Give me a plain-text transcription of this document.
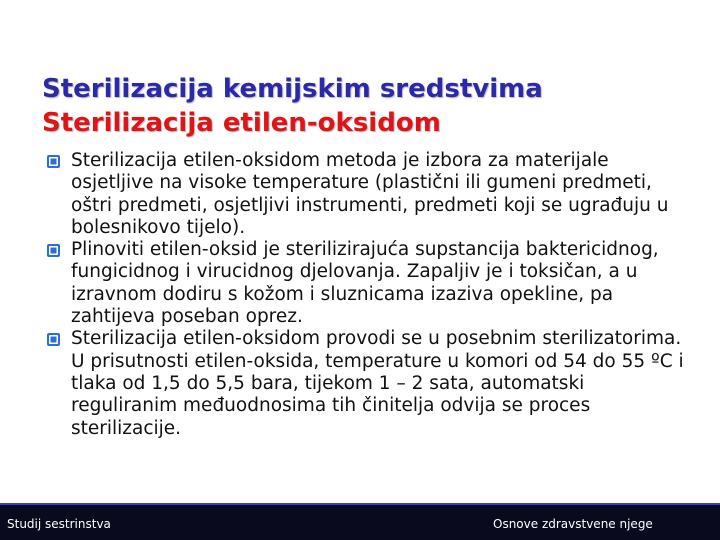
Sterilizacija kemijskim sredstvima
Sterilizacija etilen-oksidom
Sterilizacija etilen-oksidom metoda je izbora za materijale osjetljive na visoke temperature (plastični ili gumeni predmeti, oštri predmeti, osjetljivi instrumenti, predmeti koji se ugrađuju u bolesnikovo tijelo).
Plinoviti etilen-oksid je sterilizirajuća supstancija baktericidnog, fungicidnog i virucidnog djelovanja. Zapaljiv je i toksičan, a u izravnom dodiru s kožom i sluznicama izaziva opekline, pa zahtijeva poseban oprez.
Sterilizacija etilen-oksidom provodi se u posebnim sterilizatorima. U prisutnosti etilen-oksida, temperature u komori od 54 do 55 ºC i tlaka od 1,5 do 5,5 bara, tijekom 1 – 2 sata, automatski reguliranim međuodnosima tih činitelja odvija se proces sterilizacije.
Studij sestrinstva	Osnove zdravstvene njege
